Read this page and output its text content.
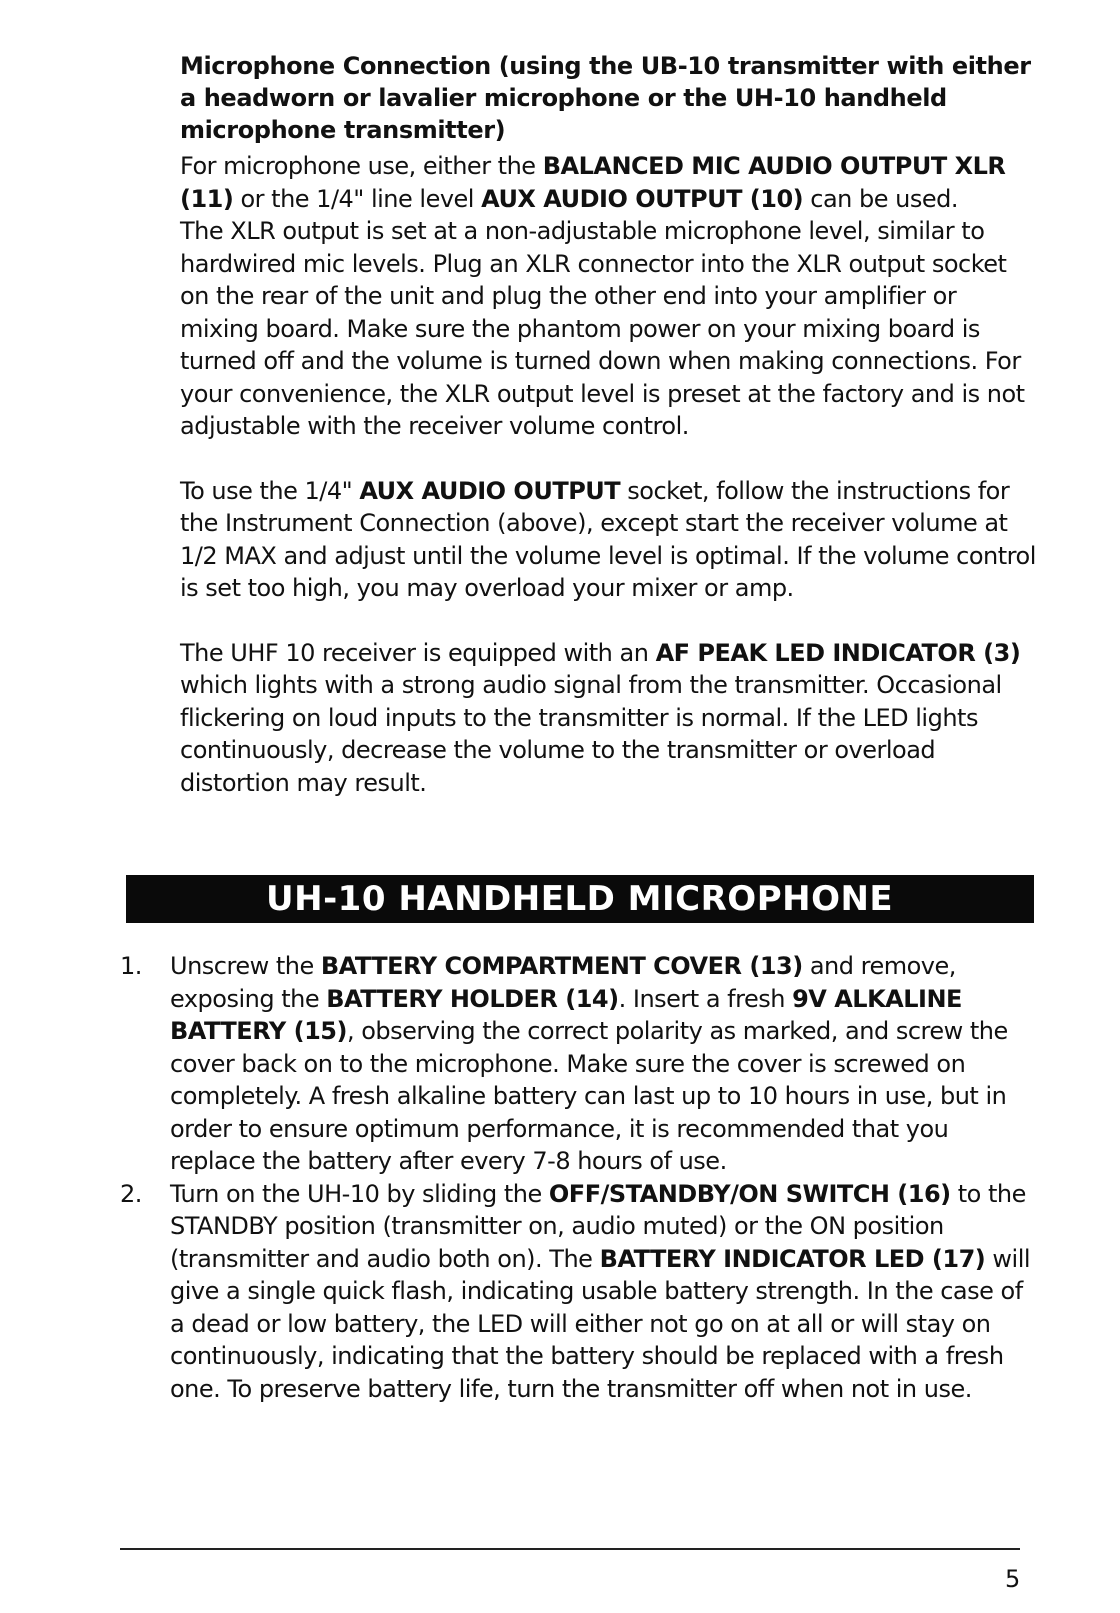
Microphone Connection (using the UB-10 transmitter with either a headworn or lavalier microphone or the UH-10 handheld microphone transmitter)

For microphone use, either the BALANCED MIC AUDIO OUTPUT XLR (11) or the 1/4" line level AUX AUDIO OUTPUT (10) can be used.

The XLR output is set at a non-adjustable microphone level, similar to hardwired mic levels. Plug an XLR connector into the XLR output socket on the rear of the unit and plug the other end into your amplifier or mixing board. Make sure the phantom power on your mixing board is turned off and the volume is turned down when making connections. For your convenience, the XLR output level is preset at the factory and is not adjustable with the receiver volume control.

To use the 1/4" AUX AUDIO OUTPUT socket, follow the instructions for the Instrument Connection (above), except start the receiver volume at 1/2 MAX and adjust until the volume level is optimal. If the volume control is set too high, you may overload your mixer or amp.

The UHF 10 receiver is equipped with an AF PEAK LED INDICATOR (3) which lights with a strong audio signal from the transmitter. Occasional flickering on loud inputs to the transmitter is normal. If the LED lights continuously, decrease the volume to the transmitter or overload distortion may result.

UH-10 HANDHELD MICROPHONE
1. Unscrew the BATTERY COMPARTMENT COVER (13) and remove, exposing the BATTERY HOLDER (14). Insert a fresh 9V ALKALINE BATTERY (15), observing the correct polarity as marked, and screw the cover back on to the microphone. Make sure the cover is screwed on completely. A fresh alkaline battery can last up to 10 hours in use, but in order to ensure optimum performance, it is recommended that you replace the battery after every 7-8 hours of use.
2. Turn on the UH-10 by sliding the OFF/STANDBY/ON SWITCH (16) to the STANDBY position (transmitter on, audio muted) or the ON position (transmitter and audio both on). The BATTERY INDICATOR LED (17) will give a single quick flash, indicating usable battery strength. In the case of a dead or low battery, the LED will either not go on at all or will stay on continuously, indicating that the battery should be replaced with a fresh one. To preserve battery life, turn the transmitter off when not in use.
5
